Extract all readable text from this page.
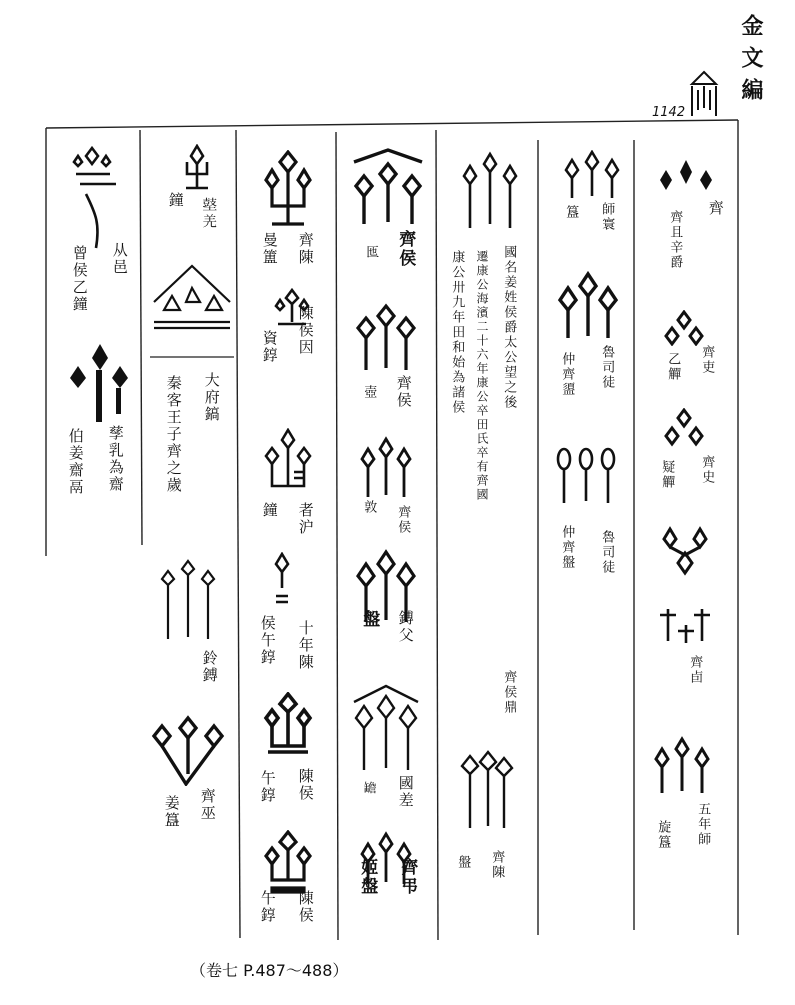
金文編
1142
齊
齊
齊且辛爵
齊吏
乙觶
齊史
疑觶
齊卣
五年師
旋簋
師寰
簋
魯司徒
仲齊盨
魯司徒
仲齊盤
國名姜姓侯爵太公望之後
康公卅九年田和始為諸侯 遷康公海濱二十六年康公卒田氏卒有齊國
齊侯鼎
齊陳
盤
齊侯
匜
齊侯
壺
齊侯
敦
鎛父
盤
國差
𦉜
齊弔
姬盤
齊陳
曼簠
陳侯因
資錞
者沪
鐘
十年陳
侯午錞
陳侯
午錞
陳侯
午錞
𪔋羌
鐘
大府鎬
秦客王子齊之歲
鈴鎛
齊巫
姜簋
从邑
曾侯乙鐘
孳乳為齋
伯姜齋鬲
（卷七 P.487～488）
